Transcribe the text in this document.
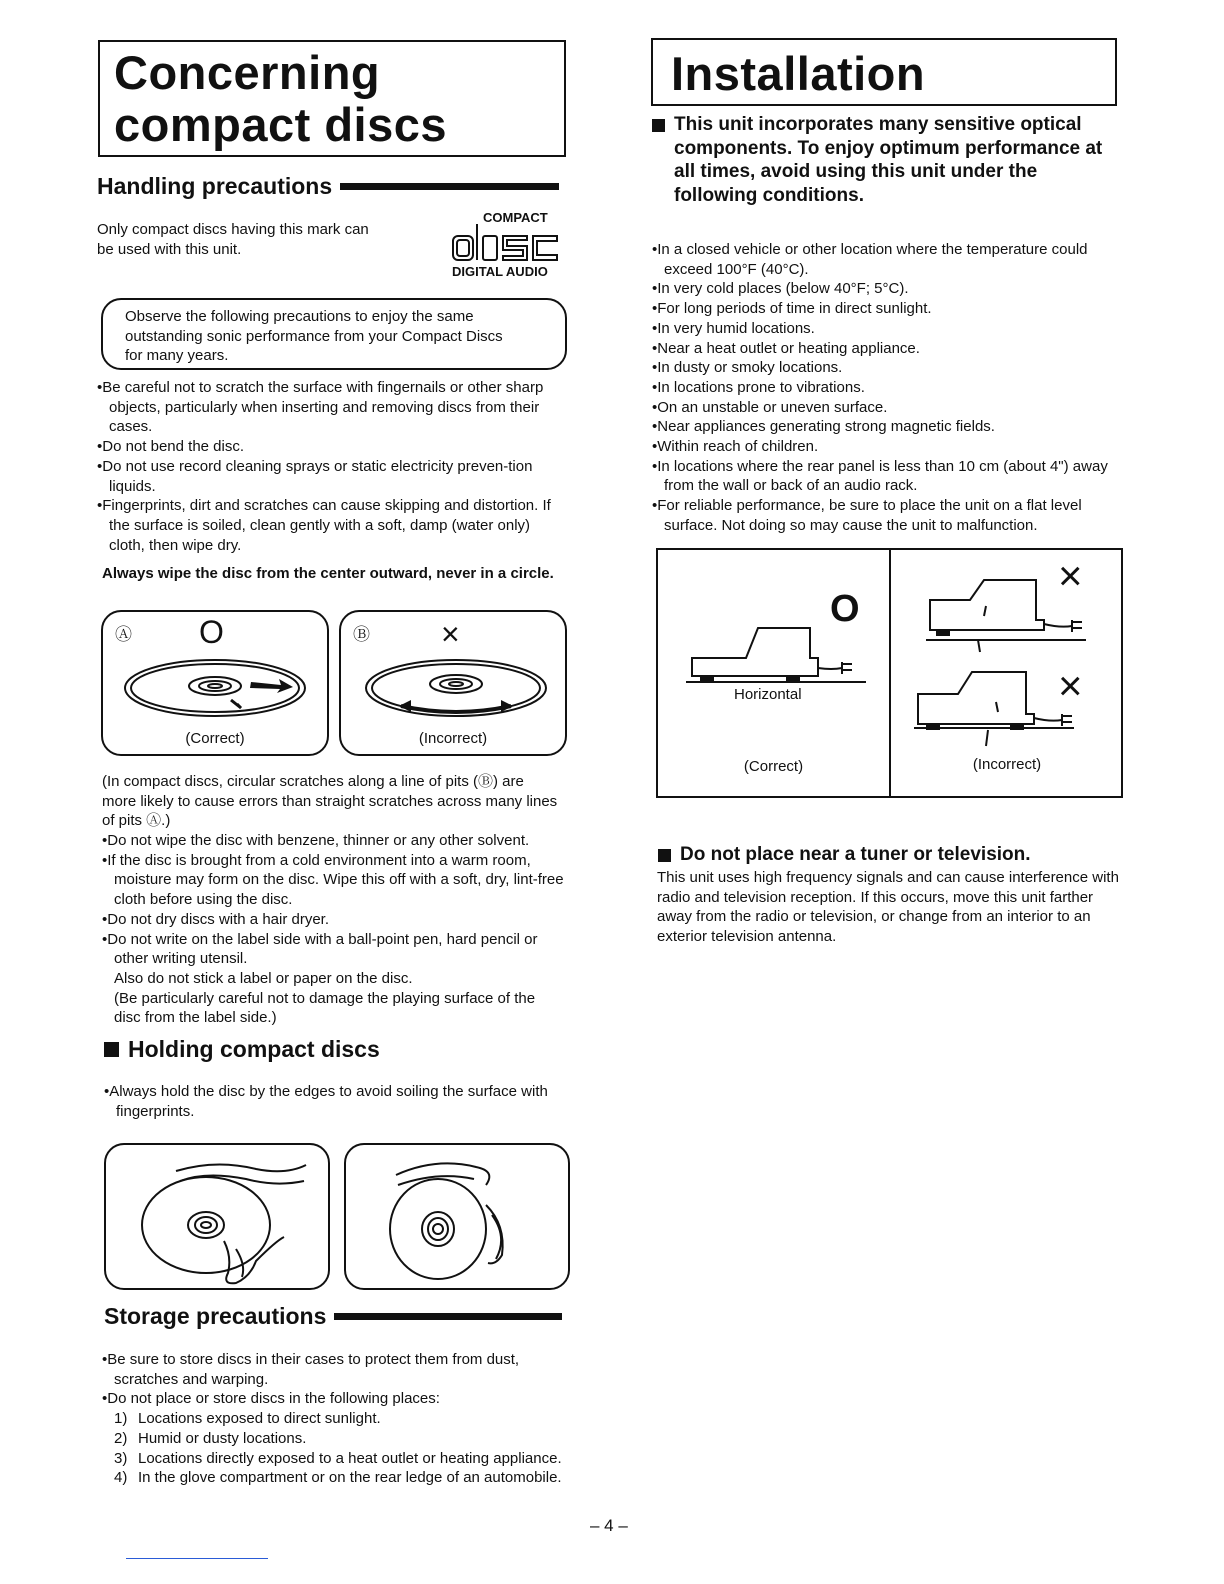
Concerning
compact discs
Handling precautions
Only compact discs having this mark can
be used with this unit.
COMPACT
DIGITAL AUDIO
Observe the following precautions to enjoy the same
outstanding sonic performance from your Compact Discs
for many years.
•Be careful not to scratch the surface with fingernails or other sharp objects, particularly when inserting and removing discs from their cases.
•Do not bend the disc.
•Do not use record cleaning sprays or static electricity preven-tion liquids.
•Fingerprints, dirt and scratches can cause skipping and distortion. If the surface is soiled, clean gently with a soft, damp (water only) cloth, then wipe dry.
Always wipe the disc from the center outward, never in a circle.
Ⓐ O
(Correct)
Ⓑ ×
(Incorrect)
(In compact discs, circular scratches along a line of pits (Ⓑ) are more likely to cause errors than straight scratches across many lines of pits Ⓐ.)
•Do not wipe the disc with benzene, thinner or any other solvent.
•If the disc is brought from a cold environment into a warm room, moisture may form on the disc. Wipe this off with a soft, dry, lint-free cloth before using the disc.
•Do not dry discs with a hair dryer.
•Do not write on the label side with a ball-point pen, hard pencil or other writing utensil.
Also do not stick a label or paper on the disc.
(Be particularly careful not to damage the playing surface of the disc from the label side.)
Holding compact discs
•Always hold the disc by the edges to avoid soiling the surface with fingerprints.
Storage precautions
•Be sure to store discs in their cases to protect them from dust, scratches and warping.
•Do not place or store discs in the following places:
1) Locations exposed to direct sunlight.
2) Humid or dusty locations.
3) Locations directly exposed to a heat outlet or heating appliance.
4) In the glove compartment or on the rear ledge of an automobile.
Installation
This unit incorporates many sensitive optical components. To enjoy optimum performance at all times, avoid using this unit under the following conditions.
•In a closed vehicle or other location where the temperature could exceed 100°F (40°C).
•In very cold places (below 40°F; 5°C).
•For long periods of time in direct sunlight.
•In very humid locations.
•Near a heat outlet or heating appliance.
•In dusty or smoky locations.
•In locations prone to vibrations.
•On an unstable or uneven surface.
•Near appliances generating strong magnetic fields.
•Within reach of children.
•In locations where the rear panel is less than 10 cm (about 4") away from the wall or back of an audio rack.
•For reliable performance, be sure to place the unit on a flat level surface. Not doing so may cause the unit to malfunction.
O
Horizontal
(Correct)
×
×
(Incorrect)
Do not place near a tuner or television.
This unit uses high frequency signals and can cause interference with radio and television reception. If this occurs, move this unit farther away from the radio or television, or change from an interior to an exterior television antenna.
– 4 –
